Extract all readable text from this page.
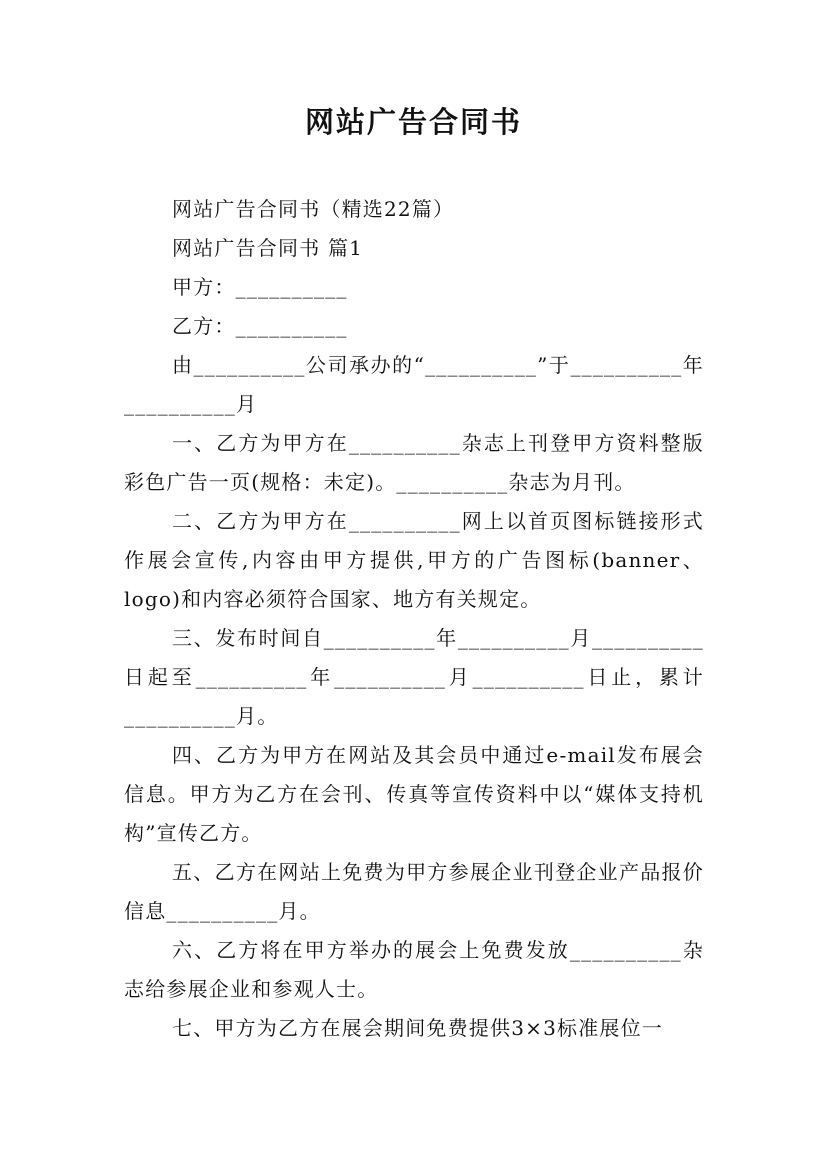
网站广告合同书

网站广告合同书（精选22篇）

网站广告合同书 篇1

甲方：__________

乙方：__________

由__________公司承办的“__________”于__________年__________月

一、乙方为甲方在__________杂志上刊登甲方资料整版彩色广告一页(规格：未定)。__________杂志为月刊。

二、乙方为甲方在__________网上以首页图标链接形式作展会宣传,内容由甲方提供,甲方的广告图标(banner、logo)和内容必须符合国家、地方有关规定。

三、发布时间自__________年__________月__________日起至__________年__________月__________日止，累计__________月。

四、乙方为甲方在网站及其会员中通过e-mail发布展会信息。甲方为乙方在会刊、传真等宣传资料中以“媒体支持机构”宣传乙方。

五、乙方在网站上免费为甲方参展企业刊登企业产品报价信息__________月。

六、乙方将在甲方举办的展会上免费发放__________杂志给参展企业和参观人士。

七、甲方为乙方在展会期间免费提供3×3标准展位一
